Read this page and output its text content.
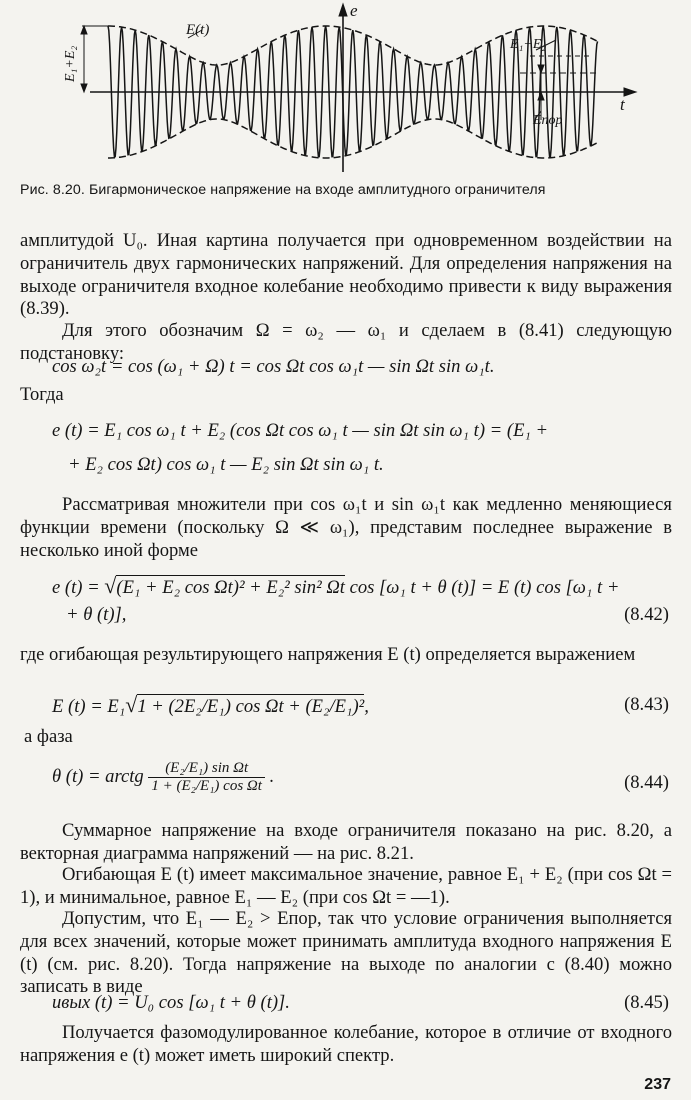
e
t
E(t)
E₁+E₂
E₁−E₂
Eпор
Рис. 8.20. Бигармоническое напряжение на входе амплитудного ограничителя
амплитудой U₀. Иная картина получается при одновременном воздействии на ограничитель двух гармонических напряжений. Для определения напряжения на выходе ограничителя входное колебание необходимо привести к виду выражения (8.39).
Для этого обозначим Ω = ω₂ — ω₁ и сделаем в (8.41) следующую подстановку:
cos ω₂t = cos (ω₁ + Ω) t = cos Ωt cos ω₁t — sin Ωt sin ω₁t.
Тогда
e (t) = E₁ cos ω₁ t + E₂ (cos Ωt cos ω₁ t — sin Ωt sin ω₁ t) = (E₁ +
+ E₂ cos Ωt) cos ω₁ t — E₂ sin Ωt sin ω₁ t.
Рассматривая множители при cos ω₁t и sin ω₁t как медленно меняющиеся функции времени (поскольку Ω ≪ ω₁), представим последнее выражение в несколько иной форме
e (t) = √(E₁ + E₂ cos Ωt)² + E₂² sin² Ωt cos [ω₁ t + θ (t)] = E (t) cos [ω₁ t +
+ θ (t)],	(8.42)
где огибающая результирующего напряжения E (t) определяется выражением
E (t) = E₁√1 + (2E₂/E₁) cos Ωt + (E₂/E₁)²,	(8.43)
а фаза
θ (t) = arctg $\frac{\text{(E₂/E₁) sin Ωt}}{\text{1 + (E₂/E₁) cos Ωt}}$ .	(8.44)
Суммарное напряжение на входе ограничителя показано на рис. 8.20, а векторная диаграмма напряжений — на рис. 8.21.
Огибающая E (t) имеет максимальное значение, равное E₁ + E₂ (при cos Ωt = 1), и минимальное, равное E₁ — E₂ (при cos Ωt = —1).
Допустим, что E₁ — E₂ > Eпор, так что условие ограничения выполняется для всех значений, которые может принимать амплитуда входного напряжения E (t) (см. рис. 8.20). Тогда напряжение на выходе по аналогии с (8.40) можно записать в виде
uвых (t) = U₀ cos [ω₁ t + θ (t)].	(8.45)
Получается фазомодулированное колебание, которое в отличие от входного напряжения e (t) может иметь широкий спектр.
237
